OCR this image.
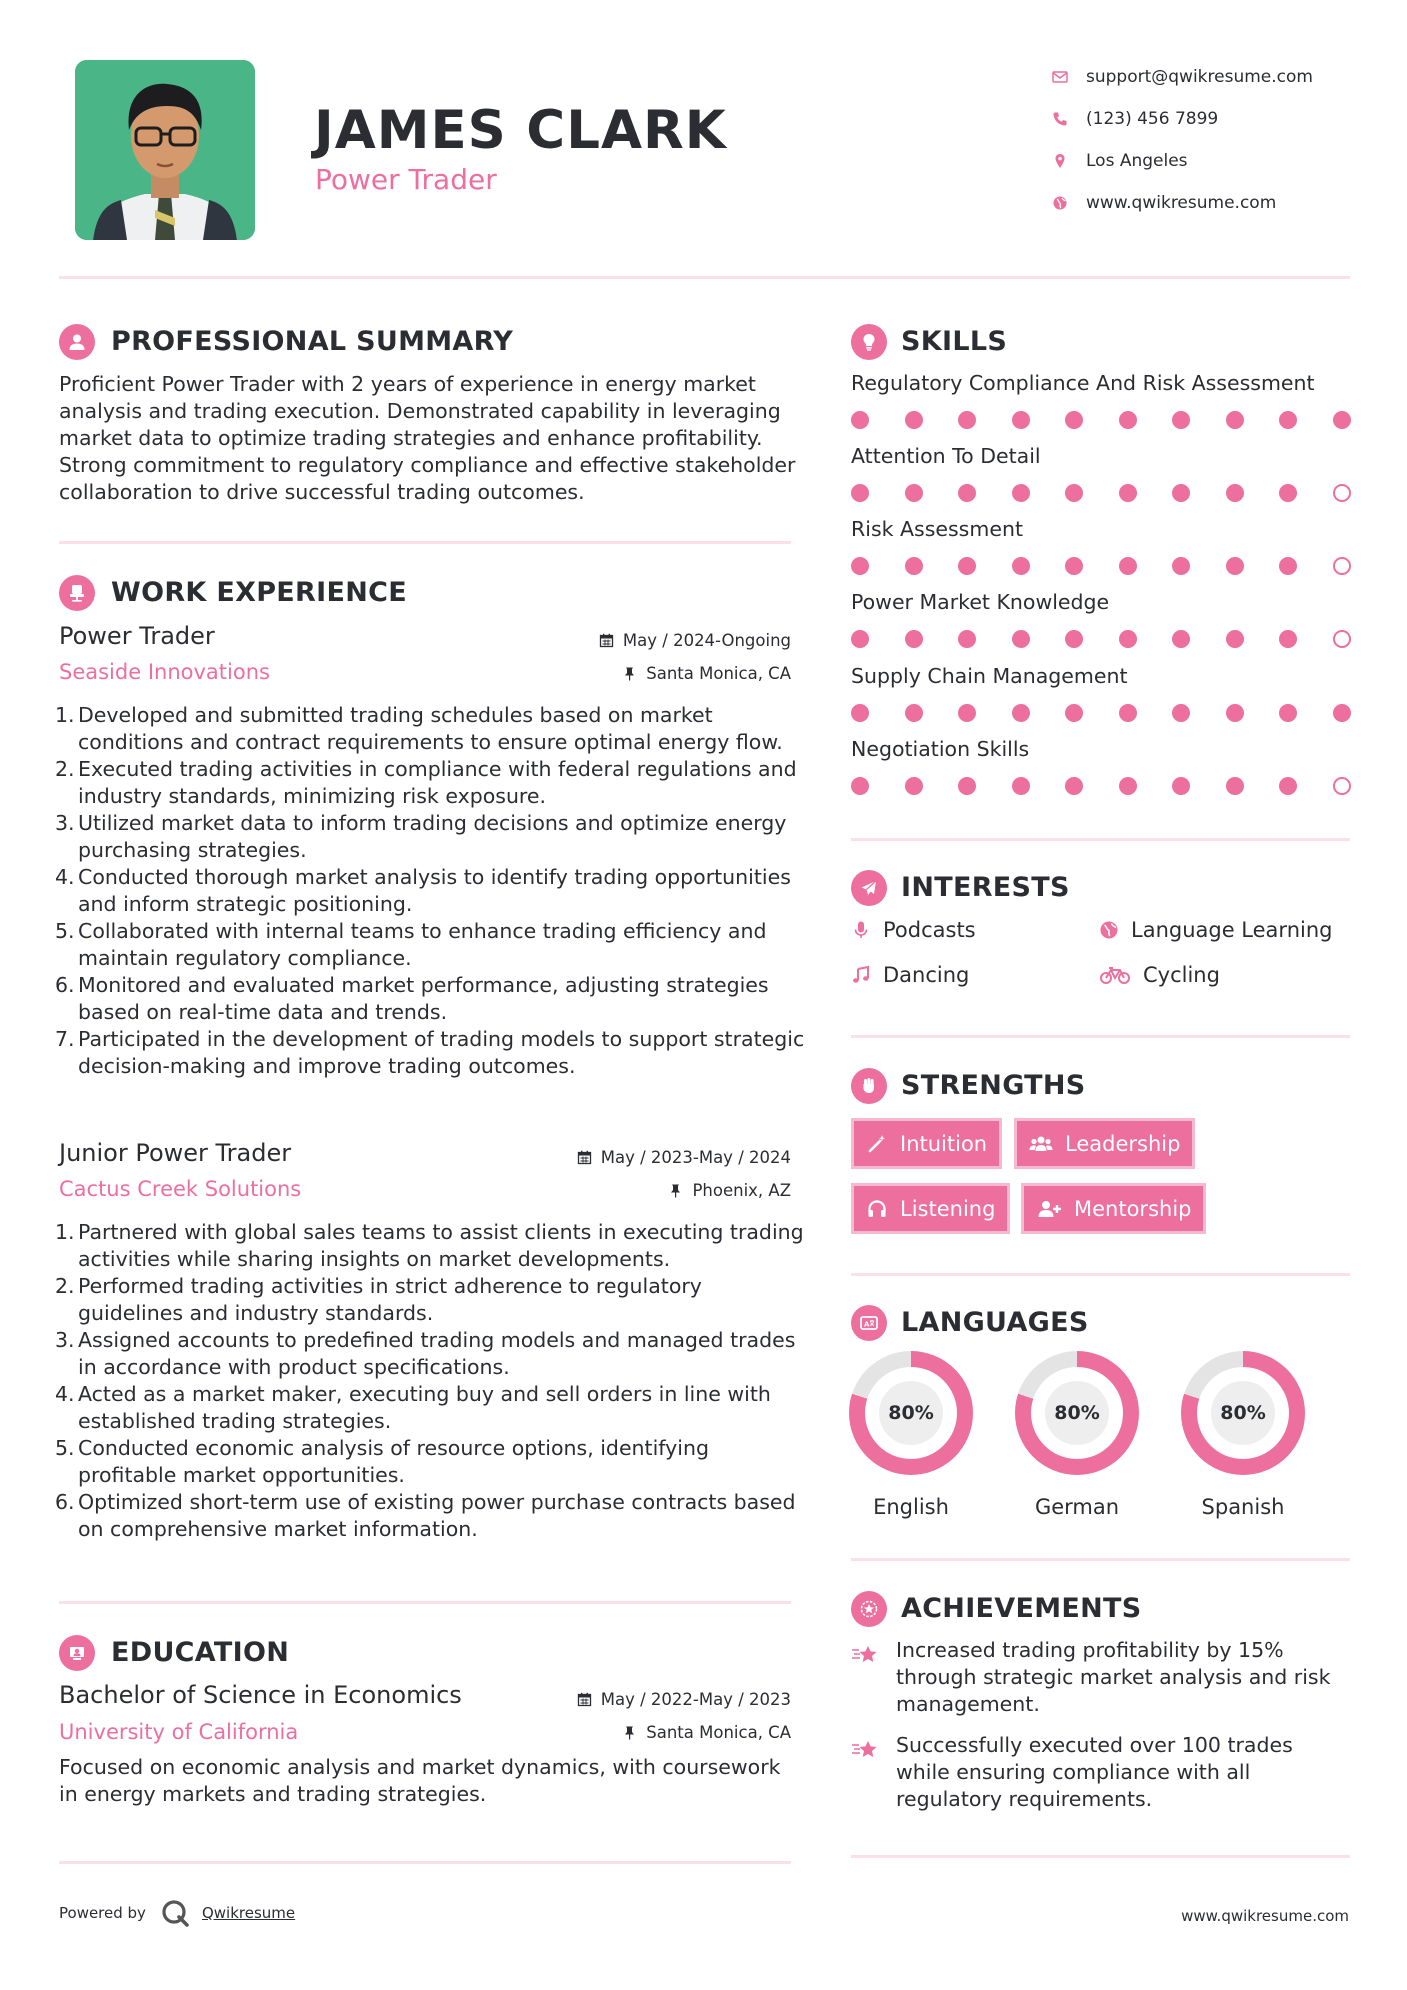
JAMES CLARK
Power Trader
support@qwikresume.com
(123) 456 7899
Los Angeles
www.qwikresume.com
PROFESSIONAL SUMMARY
Proficient Power Trader with 2 years of experience in energy market analysis and trading execution. Demonstrated capability in leveraging market data to optimize trading strategies and enhance profitability. Strong commitment to regulatory compliance and effective stakeholder collaboration to drive successful trading outcomes.
WORK EXPERIENCE
Power Trader	May / 2024-Ongoing
Seaside Innovations	Santa Monica, CA
1. Developed and submitted trading schedules based on market conditions and contract requirements to ensure optimal energy flow.
2. Executed trading activities in compliance with federal regulations and industry standards, minimizing risk exposure.
3. Utilized market data to inform trading decisions and optimize energy purchasing strategies.
4. Conducted thorough market analysis to identify trading opportunities and inform strategic positioning.
5. Collaborated with internal teams to enhance trading efficiency and maintain regulatory compliance.
6. Monitored and evaluated market performance, adjusting strategies based on real-time data and trends.
7. Participated in the development of trading models to support strategic decision-making and improve trading outcomes.
Junior Power Trader	May / 2023-May / 2024
Cactus Creek Solutions	Phoenix, AZ
1. Partnered with global sales teams to assist clients in executing trading activities while sharing insights on market developments.
2. Performed trading activities in strict adherence to regulatory guidelines and industry standards.
3. Assigned accounts to predefined trading models and managed trades in accordance with product specifications.
4. Acted as a market maker, executing buy and sell orders in line with established trading strategies.
5. Conducted economic analysis of resource options, identifying profitable market opportunities.
6. Optimized short-term use of existing power purchase contracts based on comprehensive market information.
EDUCATION
Bachelor of Science in Economics	May / 2022-May / 2023
University of California	Santa Monica, CA
Focused on economic analysis and market dynamics, with coursework in energy markets and trading strategies.
SKILLS
Regulatory Compliance And Risk Assessment
Attention To Detail
Risk Assessment
Power Market Knowledge
Supply Chain Management
Negotiation Skills
INTERESTS
Podcasts	Language Learning
Dancing	Cycling
STRENGTHS
Intuition	Leadership
Listening	Mentorship
A LANGUAGES
80%
English
80%
German
80%
Spanish
ACHIEVEMENTS
Increased trading profitability by 15% through strategic market analysis and risk management.
Successfully executed over 100 trades while ensuring compliance with all regulatory requirements.
Powered by	Qwikresume	www.qwikresume.com
